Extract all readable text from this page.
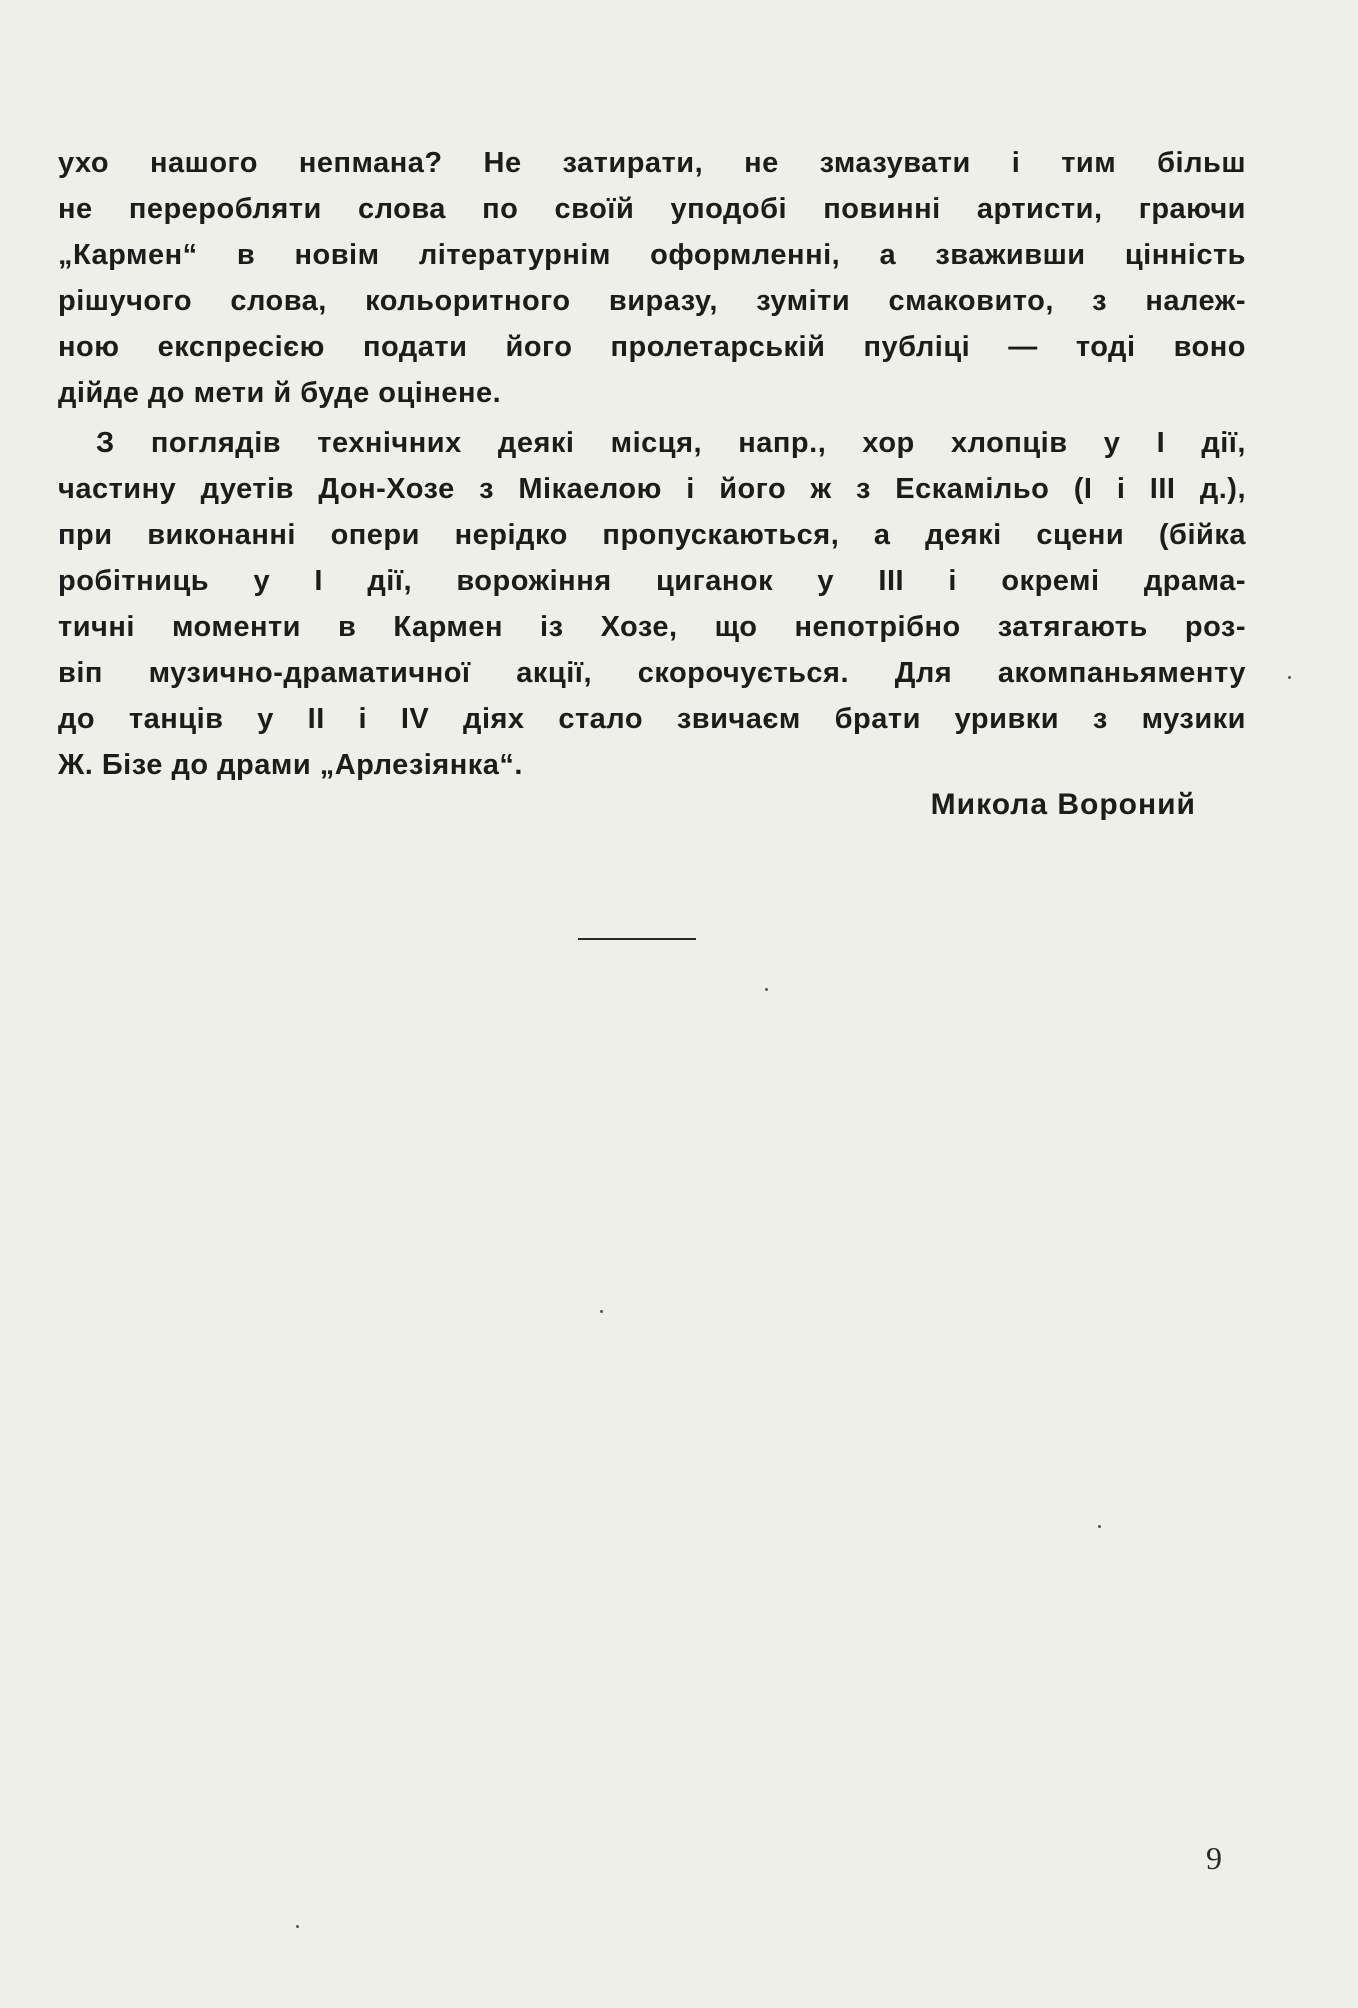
ухо нашого непмана? Не затирати, не змазувати і тим більш
не переробляти слова по своїй уподобі повинні артисти, граючи
„Кармен“ в новім літературнім оформленні, а зваживши цінність
рішучого слова, кольоритного виразу, зуміти смаковито, з належ-
ною експресією подати його пролетарській публіці — тоді воно
дійде до мети й буде оцінене.
З поглядів технічних деякі місця, напр., хор хлопців у І дії,
частину дуетів Дон-Хозе з Мікаелою і його ж з Ескамільо (І і ІІІ д.),
при виконанні опери нерідко пропускаються, а деякі сцени (бійка
робітниць у І дії, ворожіння циганок у ІІІ і окремі драма-
тичні моменти в Кармен із Хозе, що непотрібно затягають роз-
віп музично-драматичної акції, скорочується. Для акомпаньяменту
до танців у ІІ і ІV діях стало звичаєм брати уривки з музики
Ж. Бізе до драми „Арлезіянка“.
Микола Вороний
9
